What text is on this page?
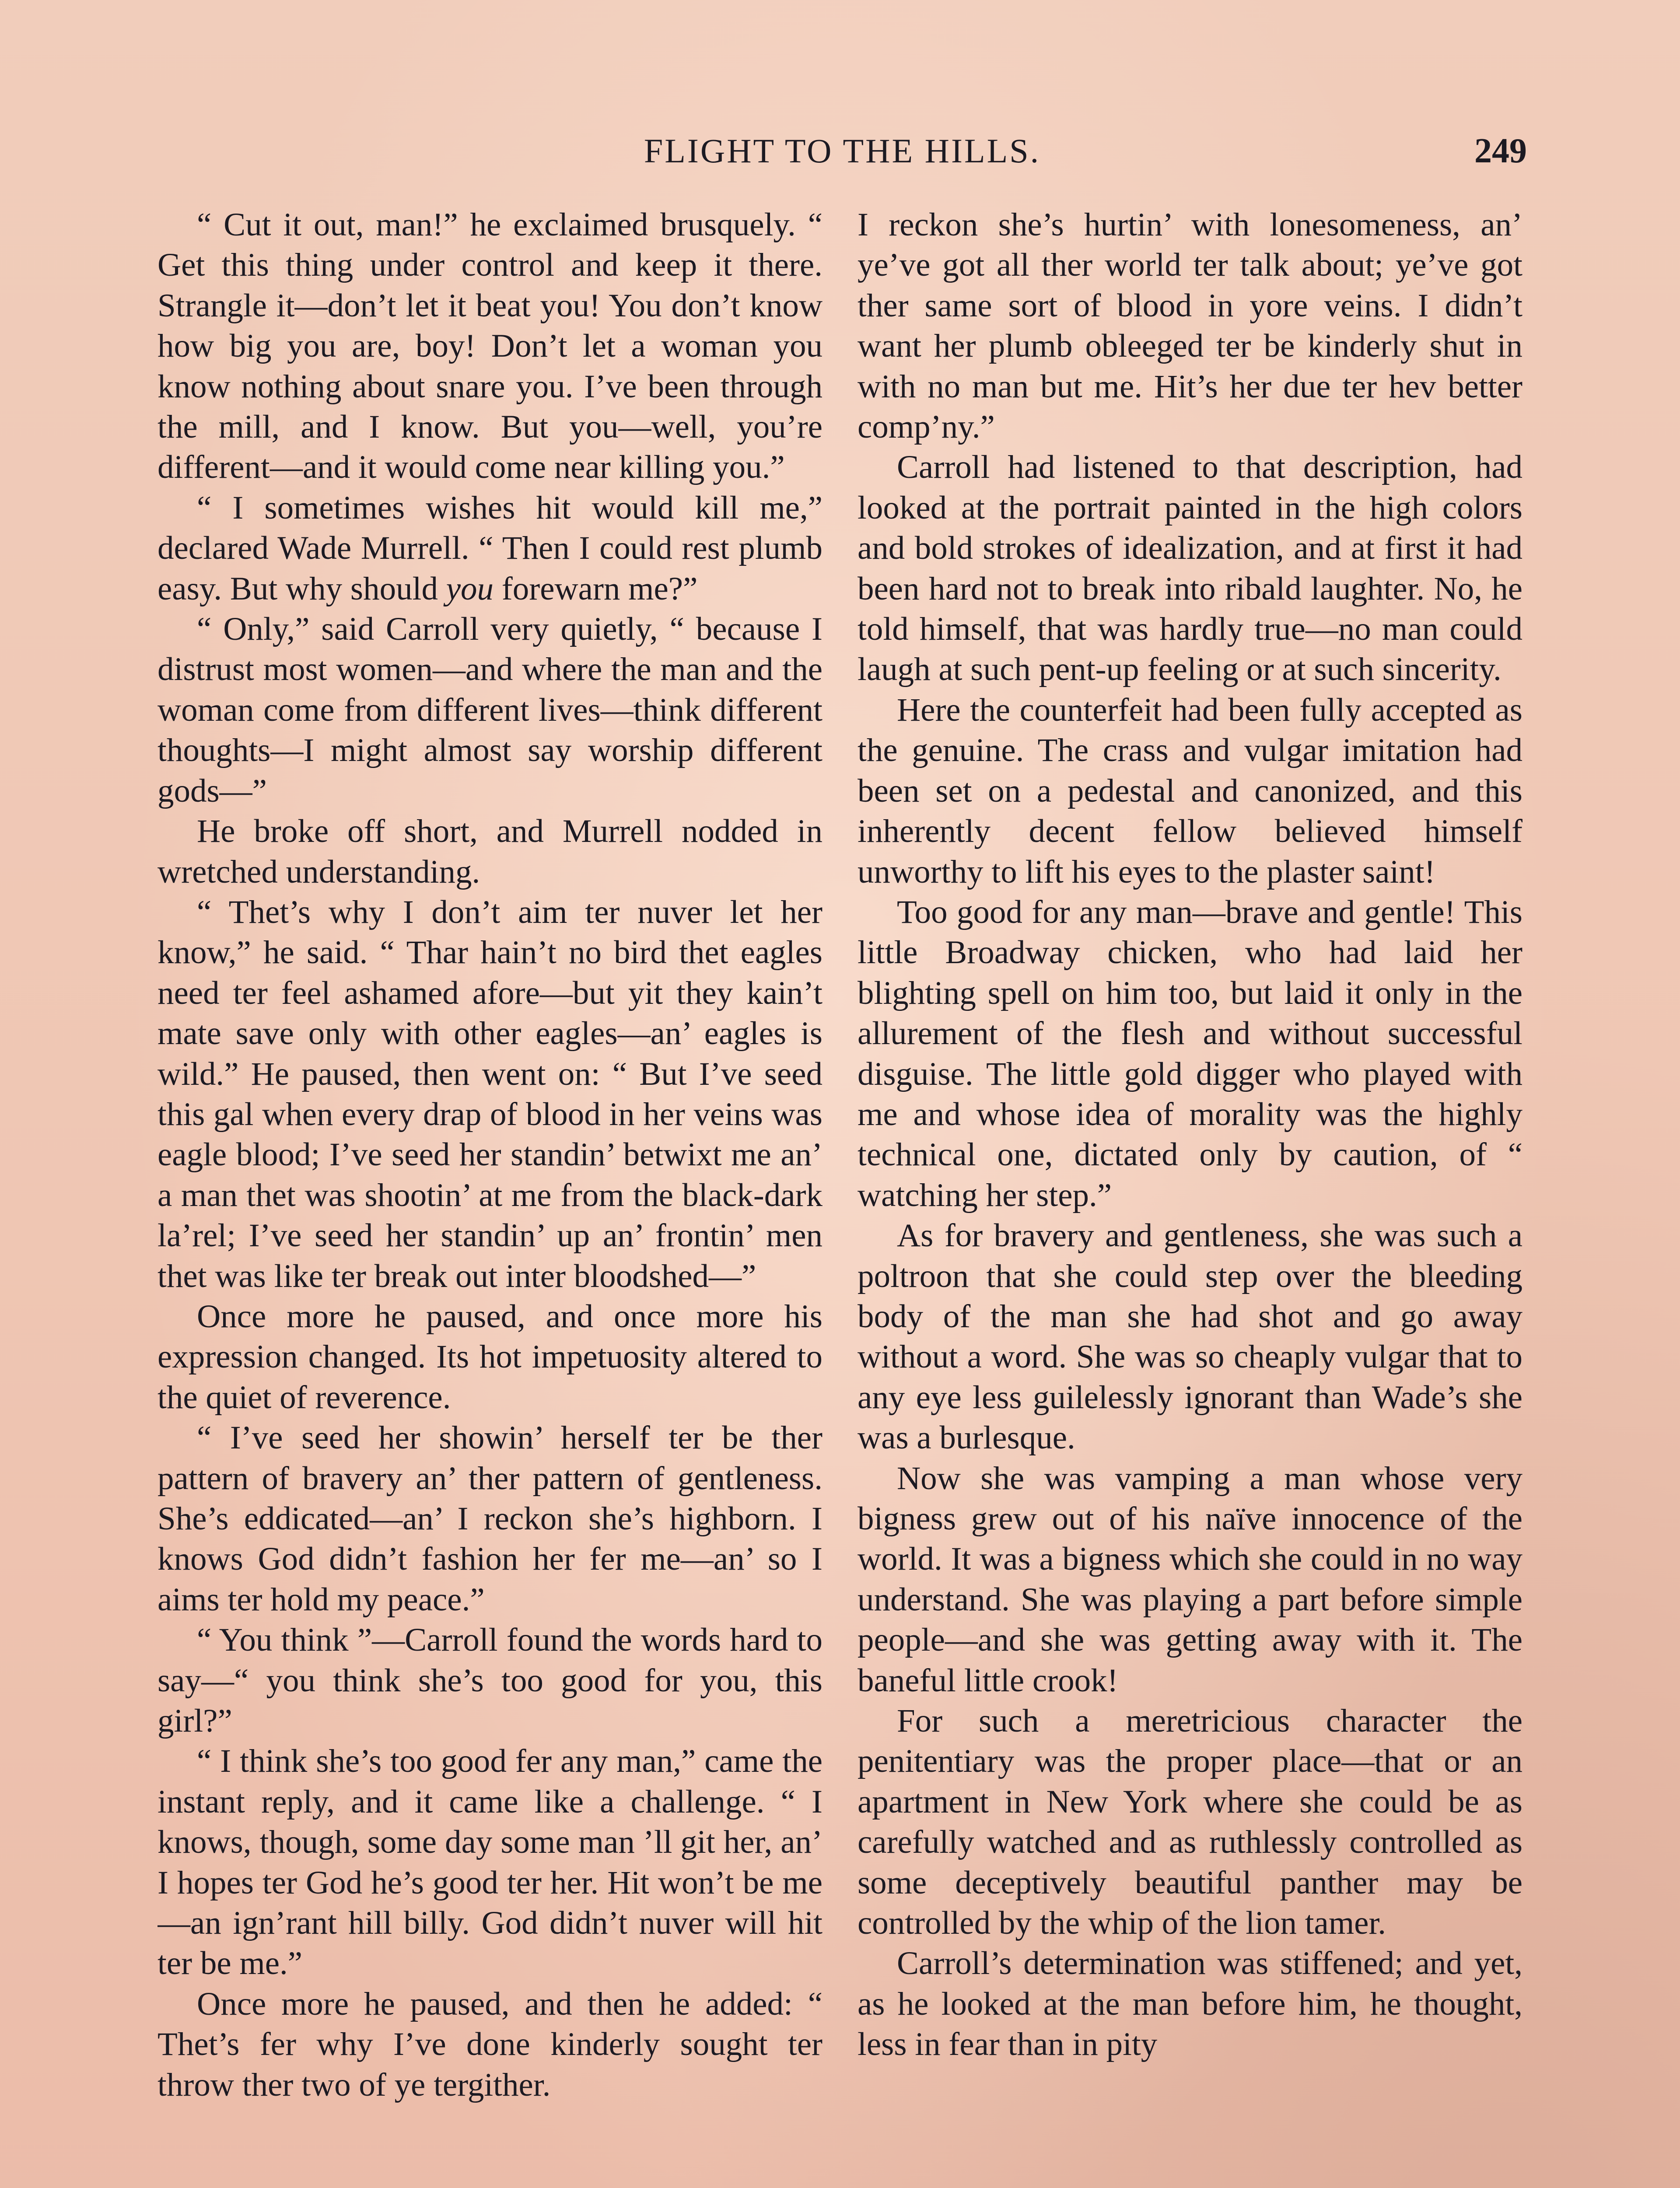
FLIGHT TO THE HILLS.	249

“ Cut it out, man!” he exclaimed brusquely. “ Get this thing under control and keep it there. Strangle it—don’t let it beat you! You don’t know how big you are, boy! Don’t let a woman you know nothing about snare you. I’ve been through the mill, and I know. But you—well, you’re different—and it would come near killing you.”

“ I sometimes wishes hit would kill me,” declared Wade Murrell. “ Then I could rest plumb easy. But why should you forewarn me?”

“ Only,” said Carroll very quietly, “ because I distrust most women—and where the man and the woman come from different lives—think different thoughts—I might almost say worship different gods—”

He broke off short, and Murrell nodded in wretched understanding.

“ Thet’s why I don’t aim ter nuver let her know,” he said. “ Thar hain’t no bird thet eagles need ter feel ashamed afore—but yit they kain’t mate save only with other eagles—an’ eagles is wild.” He paused, then went on: “ But I’ve seed this gal when every drap of blood in her veins was eagle blood; I’ve seed her standin’ betwixt me an’ a man thet was shootin’ at me from the black-dark la’rel; I’ve seed her standin’ up an’ frontin’ men thet was like ter break out inter bloodshed—”

Once more he paused, and once more his expression changed. Its hot impetuosity altered to the quiet of reverence.

“ I’ve seed her showin’ herself ter be ther pattern of bravery an’ ther pattern of gentleness. She’s eddicated—an’ I reckon she’s highborn. I knows God didn’t fashion her fer me—an’ so I aims ter hold my peace.”

“ You think ”—Carroll found the words hard to say—“ you think she’s too good for you, this girl?”

“ I think she’s too good fer any man,” came the instant reply, and it came like a challenge. “ I knows, though, some day some man ’ll git her, an’ I hopes ter God he’s good ter her. Hit won’t be me—an ign’rant hill billy. God didn’t nuver will hit ter be me.”

Once more he paused, and then he added: “ Thet’s fer why I’ve done kinderly sought ter throw ther two of ye tergither.

I reckon she’s hurtin’ with lonesomeness, an’ ye’ve got all ther world ter talk about; ye’ve got ther same sort of blood in yore veins. I didn’t want her plumb obleeged ter be kinderly shut in with no man but me. Hit’s her due ter hev better comp’ny.”

Carroll had listened to that description, had looked at the portrait painted in the high colors and bold strokes of idealization, and at first it had been hard not to break into ribald laughter. No, he told himself, that was hardly true—no man could laugh at such pent-up feeling or at such sincerity.

Here the counterfeit had been fully accepted as the genuine. The crass and vulgar imitation had been set on a pedestal and canonized, and this inherently decent fellow believed himself unworthy to lift his eyes to the plaster saint!

Too good for any man—brave and gentle! This little Broadway chicken, who had laid her blighting spell on him too, but laid it only in the allurement of the flesh and without successful disguise. The little gold digger who played with me and whose idea of morality was the highly technical one, dictated only by caution, of “ watching her step.”

As for bravery and gentleness, she was such a poltroon that she could step over the bleeding body of the man she had shot and go away without a word. She was so cheaply vulgar that to any eye less guilelessly ignorant than Wade’s she was a burlesque.

Now she was vamping a man whose very bigness grew out of his naïve innocence of the world. It was a bigness which she could in no way understand. She was playing a part before simple people—and she was getting away with it. The baneful little crook!

For such a meretricious character the penitentiary was the proper place—that or an apartment in New York where she could be as carefully watched and as ruthlessly controlled as some deceptively beautiful panther may be controlled by the whip of the lion tamer.

Carroll’s determination was stiffened; and yet, as he looked at the man before him, he thought, less in fear than in pity
